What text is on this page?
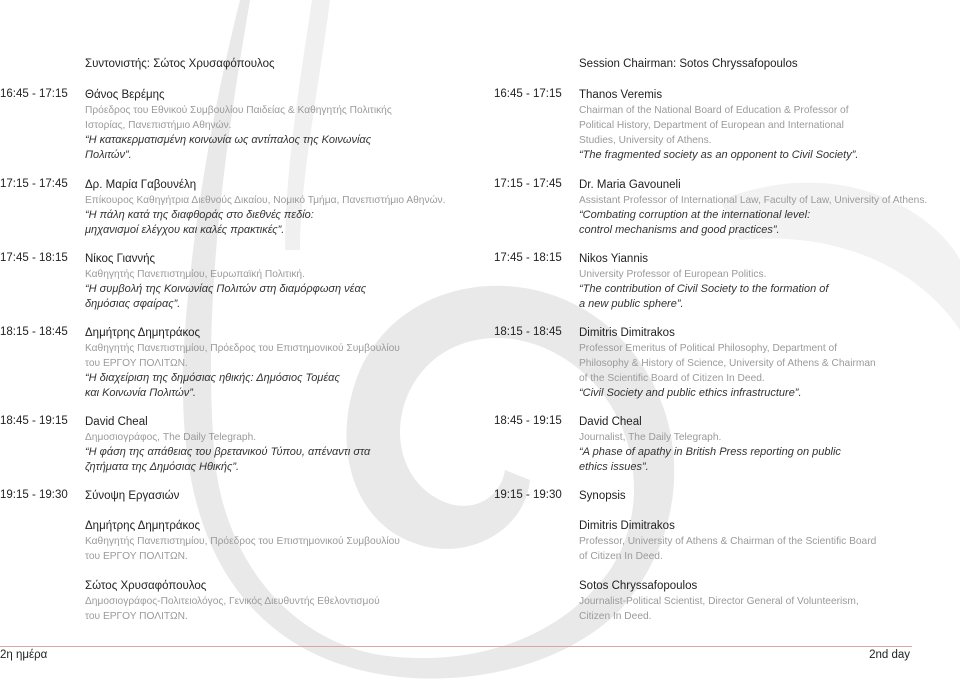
Συντονιστής: Σώτος Χρυσαφόπουλος
16:45 - 17:15 Θάνος Βερέμης
Πρόεδρος του Εθνικού Συμβουλίου Παιδείας & Καθηγητής Πολιτικής
Ιστορίας, Πανεπιστήμιο Αθηνών.
“Η κατακερματισμένη κοινωνία ως αντίπαλος της Κοινωνίας
Πολιτών”.
17:15 - 17:45 Δρ. Μαρία Γαβουνέλη
Επίκουρος Καθηγήτρια Διεθνούς Δικαίου, Νομικό Τμήμα, Πανεπιστήμιο Αθηνών.
“Η πάλη κατά της διαφθοράς στο διεθνές πεδίο:
μηχανισμοί ελέγχου και καλές πρακτικές”.
17:45 - 18:15 Νίκος Γιαννής
Καθηγητής Πανεπιστημίου, Ευρωπαϊκή Πολιτική.
“Η συμβολή της Κοινωνίας Πολιτών στη διαμόρφωση νέας
δημόσιας σφαίρας”.
18:15 - 18:45 Δημήτρης Δημητράκος
Καθηγητής Πανεπιστημίου, Πρόεδρος του Επιστημονικού Συμβουλίου
του ΕΡΓΟΥ ΠΟΛΙΤΩΝ.
“Η διαχείριση της δημόσιας ηθικής: Δημόσιος Τομέας
και Κοινωνία Πολιτών”.
18:45 - 19:15 David Cheal
Δημοσιογράφος, The Daily Telegraph.
“Η φάση της απάθειας του βρετανικού Τύπου, απέναντι στα
ζητήματα της Δημόσιας Ηθικής”.
19:15 - 19:30 Σύνοψη Εργασιών
Δημήτρης Δημητράκος
Καθηγητής Πανεπιστημίου, Πρόεδρος του Επιστημονικού Συμβουλίου
του ΕΡΓΟΥ ΠΟΛΙΤΩΝ.
Σώτος Χρυσαφόπουλος
Δημοσιογράφος-Πολιτειολόγος, Γενικός Διευθυντής Εθελοντισμού
του ΕΡΓΟΥ ΠΟΛΙΤΩΝ.
Session Chairman: Sotos Chryssafopoulos
16:45 - 17:15 Thanos Veremis
Chairman of the National Board of Education & Professor of
Political History, Department of European and International
Studies, University of Athens.
“The fragmented society as an opponent to Civil Society”.
17:15 - 17:45 Dr. Maria Gavouneli
Assistant Professor of International Law, Faculty of Law, University of Athens.
“Combating corruption at the international level:
control mechanisms and good practices”.
17:45 - 18:15 Nikos Yiannis
University Professor of European Politics.
“The contribution of Civil Society to the formation of
a new public sphere”.
18:15 - 18:45 Dimitris Dimitrakos
Professor Emeritus of Political Philosophy, Department of
Philosophy & History of Science, University of Athens & Chairman
of the Scientific Board of Citizen In Deed.
“Civil Society and public ethics infrastructure”.
18:45 - 19:15 David Cheal
Journalist, The Daily Telegraph.
“A phase of apathy in British Press reporting on public
ethics issues”.
19:15 - 19:30 Synopsis
Dimitris Dimitrakos
Professor, University of Athens & Chairman of the Scientific Board
of Citizen In Deed.
Sotos Chryssafopoulos
Journalist-Political Scientist, Director General of Volunteerism,
Citizen In Deed.
2η ημέρα	2nd day
